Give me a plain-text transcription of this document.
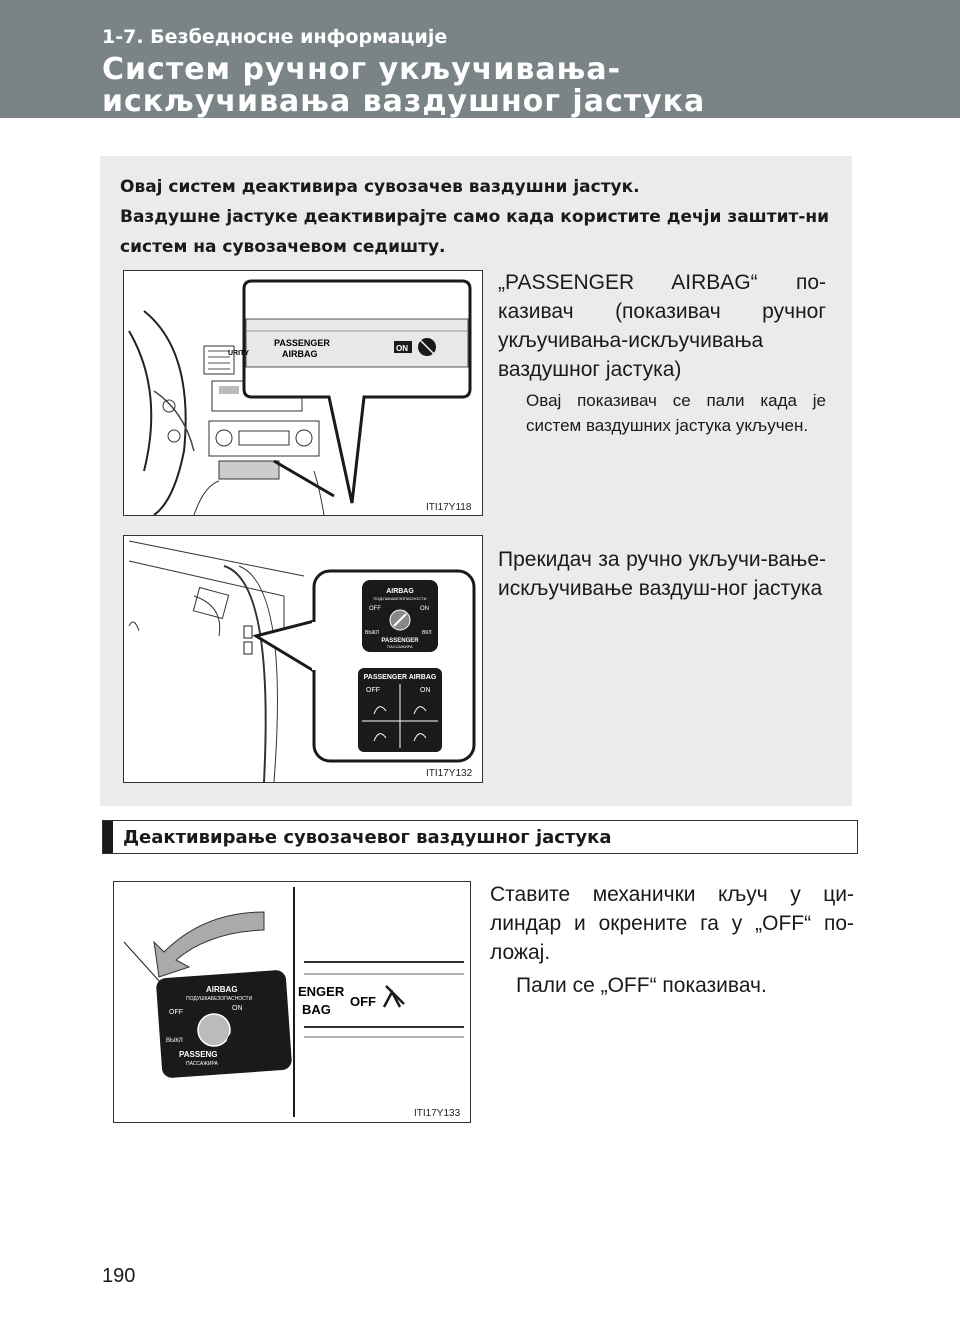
1-7. Безбедносне информације
Систем ручног укључивања-искључивања ваздушног јастука

Овај систем деактивира сувозачев ваздушни јастук.

Ваздушне јастуке деактивирајте само када користите дечји заштит-ни систем на сувозачевом седишту.

PASSENGER
AIRBAG
ON
URITY
ITI17Y118
„PASSENGER AIRBAG“ по-казивач (показивач ручног укључивања-искључивања ваздушног јастука)
Овај показивач се пали када је систем ваздушних јастука укључен.
AIRBAG
ПОДУШКАБЕЗОПАСНОСТИ
OFF	ON
ВЫКЛ	ВКЛ
PASSENGER
ПАССАЖИРА
PASSENGER AIRBAG
OFF	ON
ITI17Y132
Прекидач за ручно укључи-вање-искључивање ваздуш-ног јастука
Деактивирање сувозачевог ваздушног јастука
AIRBAG
ПОДУШКАБЕЗОПАСНОСТИ
OFF
ON
ВЫКЛ
PASSENG
ПАССАЖИРА
ENGER
BAG
OFF
ITI17Y133
Ставите механички кључ у ци-линдар и окрените га у „OFF“ по-ложај.
Пали се „OFF“ показивач.
190
